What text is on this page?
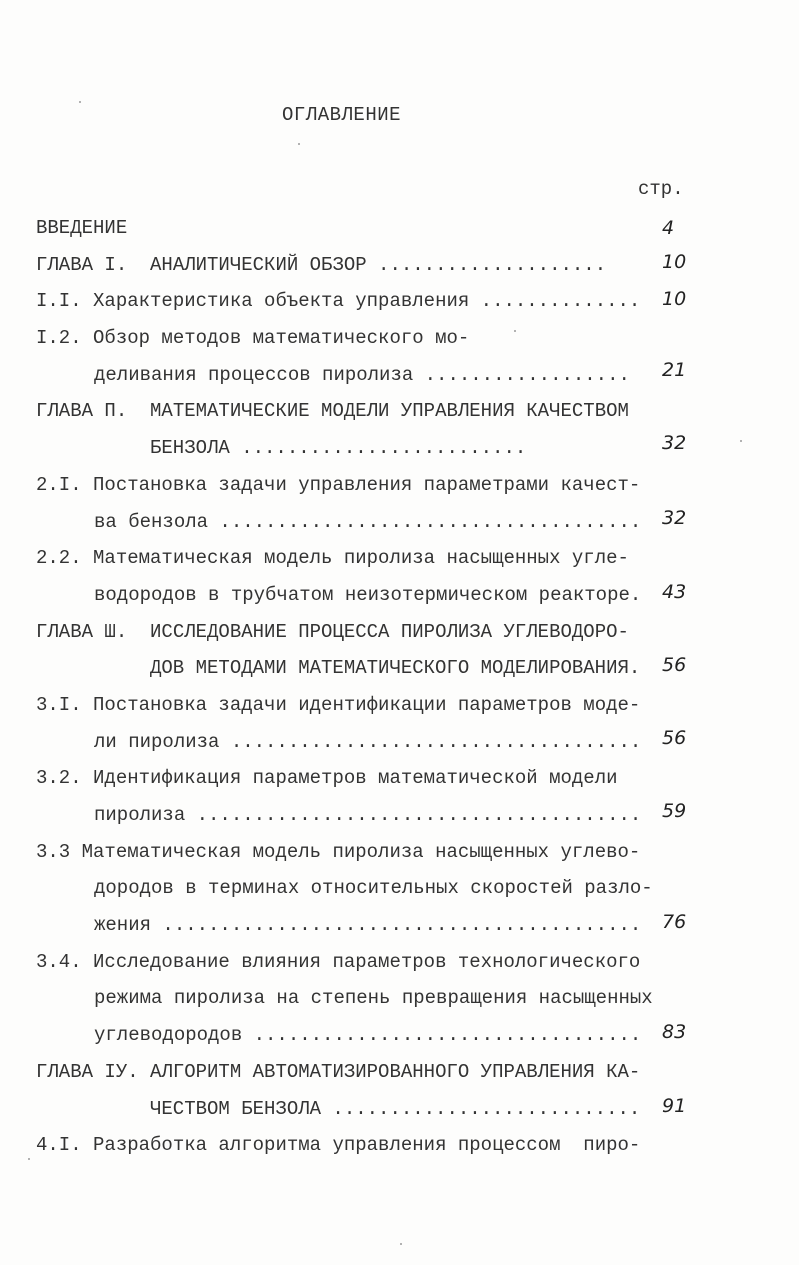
ОГЛАВЛЕНИЕ
стр.
ВВЕДЕНИЕ	4
ГЛАВА I.  АНАЛИТИЧЕСКИЙ ОБЗОР ....................	10
I.I. Характеристика объекта управления .............. 10
I.2. Обзор методов математического мо-
деливания процессов пиролиза .................. 21
ГЛАВА П.  МАТЕМАТИЧЕСКИЕ МОДЕЛИ УПРАВЛЕНИЯ КАЧЕСТВОМ
БЕНЗОЛА .........................	32
2.I. Постановка задачи управления параметрами качест-
ва бензола ..................................... 32
2.2. Математическая модель пиролиза насыщенных угле-
водородов в трубчатом неизотермическом реакторе. 43
ГЛАВА Ш.  ИССЛЕДОВАНИЕ ПРОЦЕССА ПИРОЛИЗА УГЛЕВОДОРО-
ДОВ МЕТОДАМИ МАТЕМАТИЧЕСКОГО МОДЕЛИРОВАНИЯ. 56
3.I. Постановка задачи идентификации параметров моде-
ли пиролиза .................................... 56
3.2. Идентификация параметров математической модели
пиролиза ....................................... 59
3.3 Математическая модель пиролиза насыщенных углево-
дородов в терминах относительных скоростей разло-
жения .......................................... 76
3.4. Исследование влияния параметров технологического
режима пиролиза на степень превращения насыщенных
углеводородов .................................. 83
ГЛАВА IУ. АЛГОРИТМ АВТОМАТИЗИРОВАННОГО УПРАВЛЕНИЯ КА-
ЧЕСТВОМ БЕНЗОЛА ........................... 91
4.I. Разработка алгоритма управления процессом  пиро-
